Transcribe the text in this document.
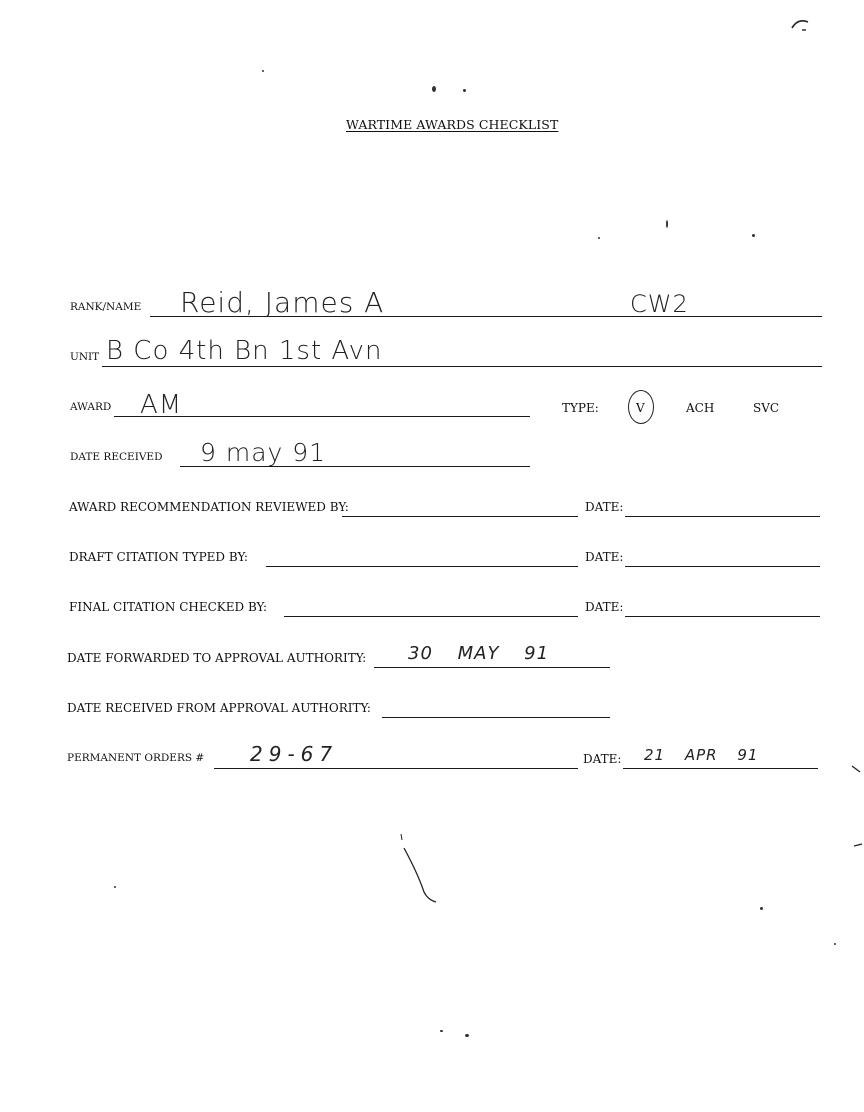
WARTIME AWARDS CHECKLIST
RANK/NAME Reid, James A	CW2
UNIT B Co 4th Bn 1st Avn
AWARD AM	TYPE:	V	ACH	SVC
DATE RECEIVED 9 may 91
AWARD RECOMMENDATION REVIEWED BY:	DATE:
DRAFT CITATION TYPED BY:	DATE:
FINAL CITATION CHECKED BY:	DATE:
DATE FORWARDED TO APPROVAL AUTHORITY: 30 MAY 91
DATE RECEIVED FROM APPROVAL AUTHORITY:
PERMANENT ORDERS # 29-67	DATE: 21 APR 91
